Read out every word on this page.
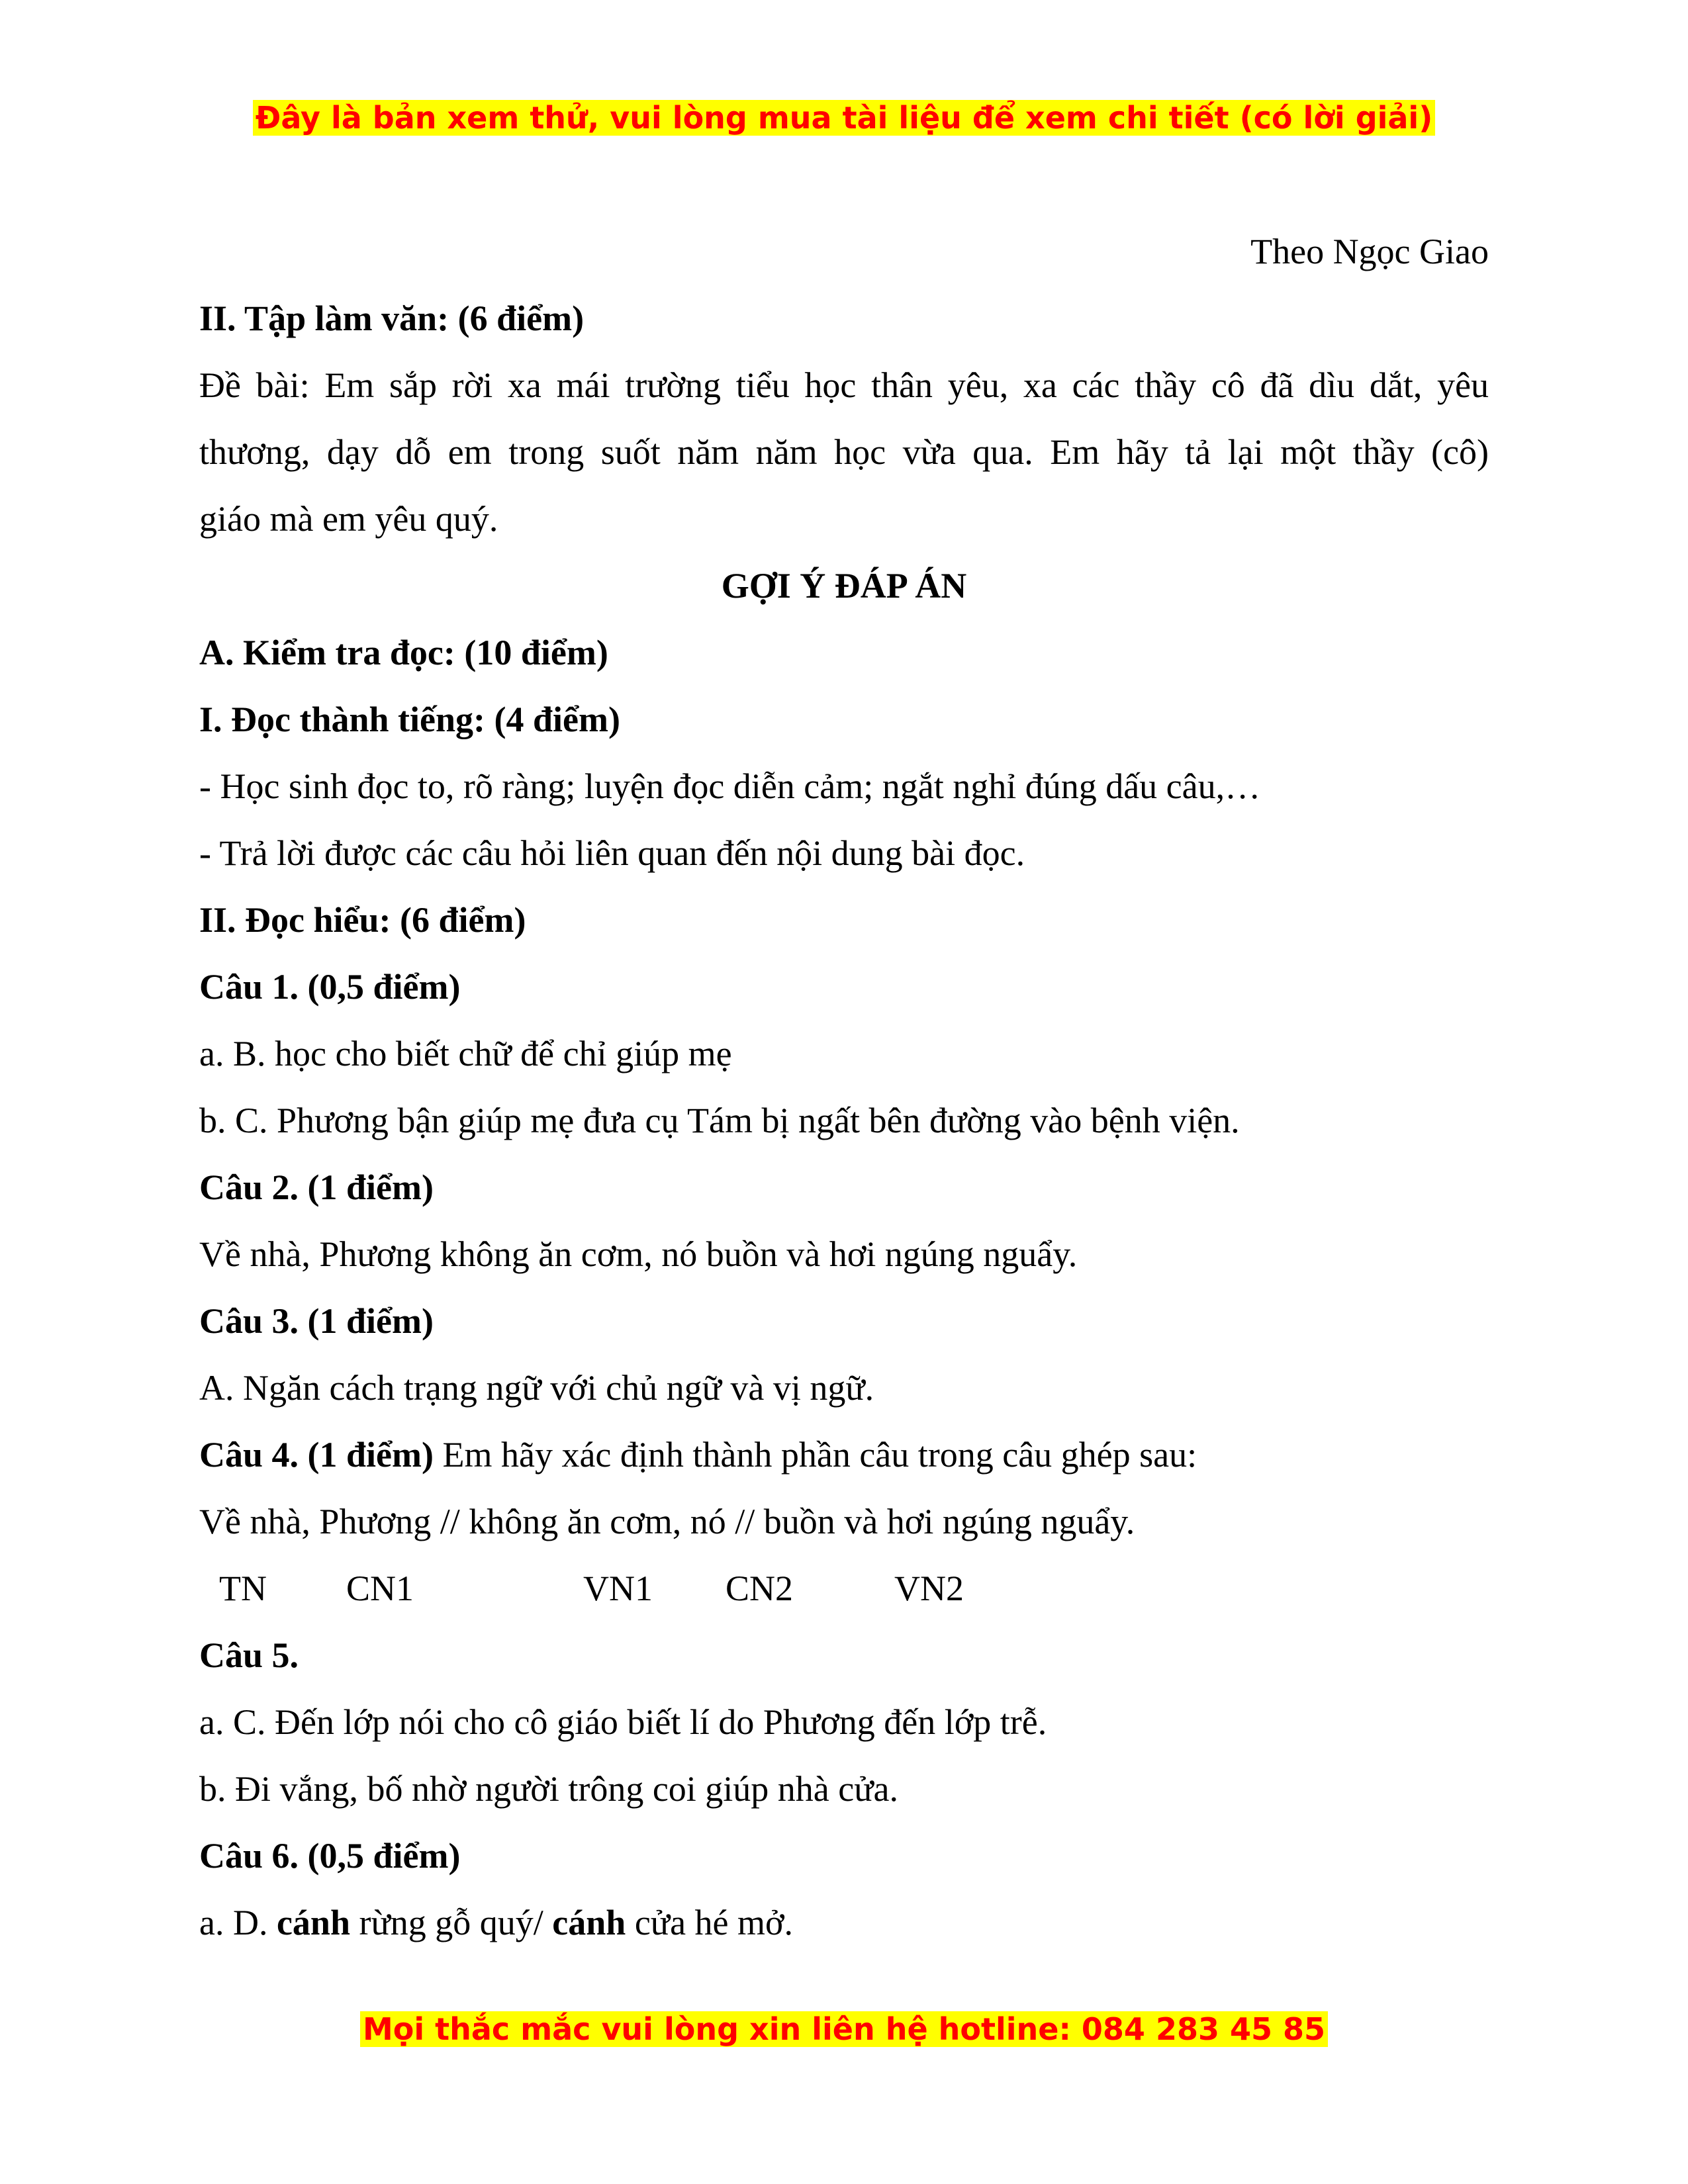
Đây là bản xem thử, vui lòng mua tài liệu để xem chi tiết (có lời giải)
Theo Ngọc Giao
II. Tập làm văn: (6 điểm)
Đề bài: Em sắp rời xa mái trường tiểu học thân yêu, xa các thầy cô đã dìu dắt, yêu
thương, dạy dỗ em trong suốt năm năm học vừa qua. Em hãy tả lại một thầy (cô)
giáo mà em yêu quý.
GỢI Ý ĐÁP ÁN
A. Kiểm tra đọc: (10 điểm)
I. Đọc thành tiếng: (4 điểm)
- Học sinh đọc to, rõ ràng; luyện đọc diễn cảm; ngắt nghỉ đúng dấu câu,…
- Trả lời được các câu hỏi liên quan đến nội dung bài đọc.
II. Đọc hiểu: (6 điểm)
Câu 1. (0,5 điểm)
a. B. học cho biết chữ để chỉ giúp mẹ
b. C. Phương bận giúp mẹ đưa cụ Tám bị ngất bên đường vào bệnh viện.
Câu 2. (1 điểm)
Về nhà, Phương không ăn cơm, nó buồn và hơi ngúng nguẩy.
Câu 3. (1 điểm)
A. Ngăn cách trạng ngữ với chủ ngữ và vị ngữ.
Câu 4. (1 điểm) Em hãy xác định thành phần câu trong câu ghép sau:
Về nhà, Phương // không ăn cơm, nó // buồn và hơi ngúng nguẩy.
TN CN1	VN1 CN2	VN2
Câu 5.
a. C. Đến lớp nói cho cô giáo biết lí do Phương đến lớp trễ.
b. Đi vắng, bố nhờ người trông coi giúp nhà cửa.
Câu 6. (0,5 điểm)
a. D. cánh rừng gỗ quý/ cánh cửa hé mở.
Mọi thắc mắc vui lòng xin liên hệ hotline: 084 283 45 85
